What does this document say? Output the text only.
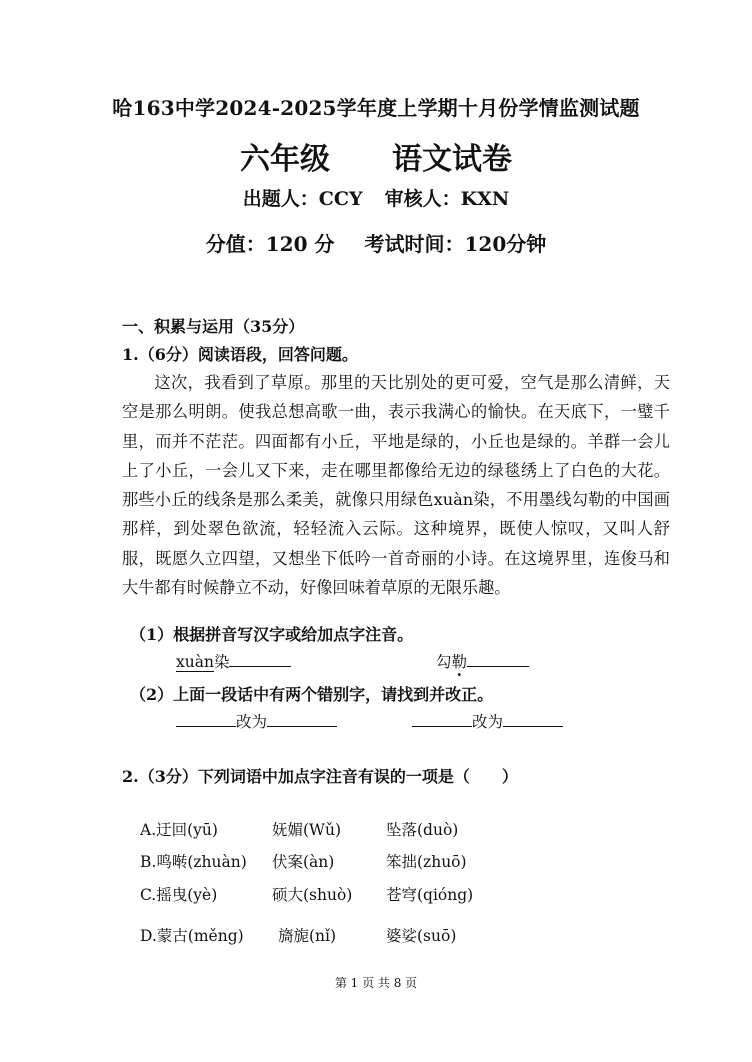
哈163中学2024-2025学年度上学期十月份学情监测试题
六年级 语文试卷
出题人：CCY 审核人：KXN
分值：120 分 考试时间：120分钟
一、积累与运用（35分）
1.（6分）阅读语段，回答问题。

这次，我看到了草原。那里的天比别处的更可爱，空气是那么清鲜，天空是那么明朗。使我总想高歌一曲，表示我满心的愉快。在天底下，一璧千里，而并不茫茫。四面都有小丘，平地是绿的，小丘也是绿的。羊群一会儿上了小丘，一会儿又下来，走在哪里都像给无边的绿毯绣上了白色的大花。那些小丘的线条是那么柔美，就像只用绿色xuàn染，不用墨线勾勒的中国画那样，到处翠色欲流，轻轻流入云际。这种境界，既使人惊叹，又叫人舒服，既愿久立四望，又想坐下低吟一首奇丽的小诗。在这境界里，连俊马和大牛都有时候静立不动，好像回味着草原的无限乐趣。

（1）根据拼音写汉字或给加点字注音。
xuàn染	勾勒
（2）上面一段话中有两个错别字，请找到并改正。
改为	改为
2.（3分）下列词语中加点字注音有误的一项是（　　）
A.迂回(yū)	妩媚(Wǔ)	坠落(duò)
B.鸣啭(zhuàn) 伏案(àn)	笨拙(zhuō)
C.摇曳(yè)	硕大(shuò) 苍穹(qióng)
D.蒙古(měng) 旖旎(nǐ)	婆娑(suō)
第 1 页 共 8 页
